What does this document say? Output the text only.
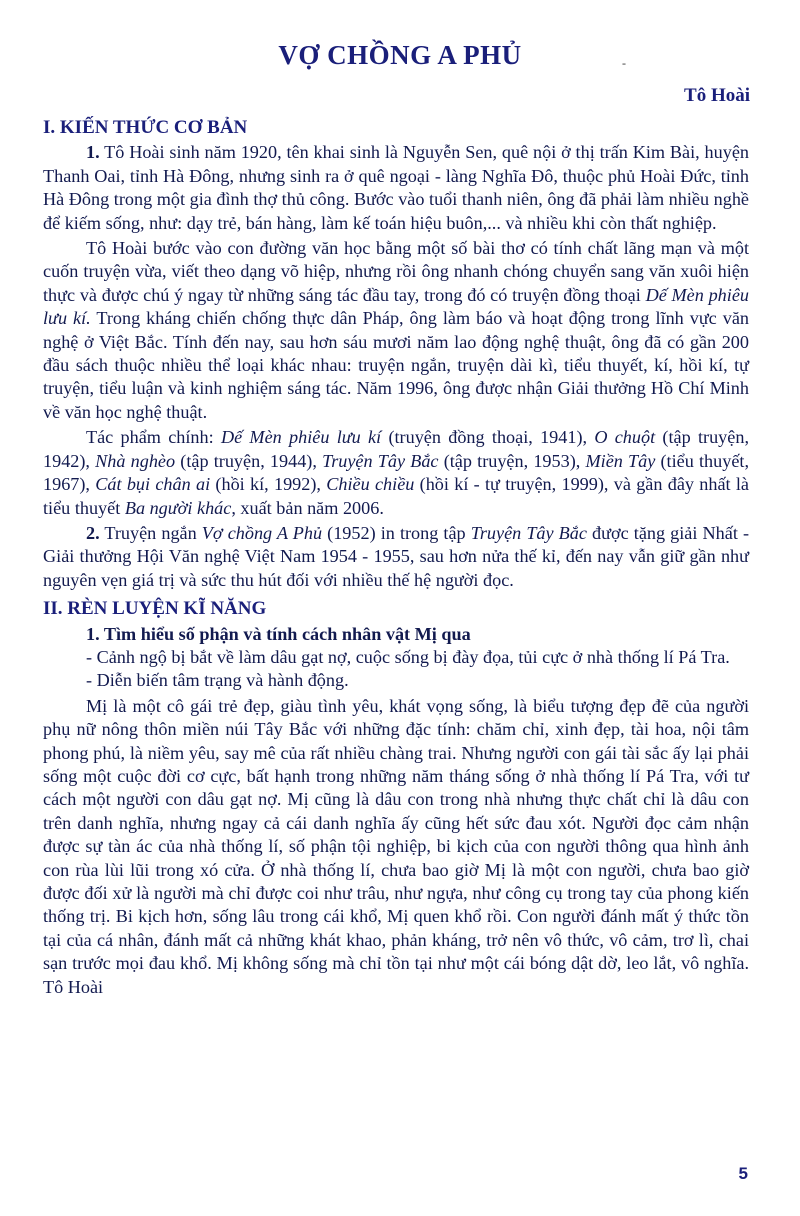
VỢ CHỒNG A PHỦ	-
Tô Hoài
I. KIẾN THỨC CƠ BẢN

1. Tô Hoài sinh năm 1920, tên khai sinh là Nguyễn Sen, quê nội ở thị trấn Kim Bài, huyện Thanh Oai, tỉnh Hà Đông, nhưng sinh ra ở quê ngoại - làng Nghĩa Đô, thuộc phủ Hoài Đức, tỉnh Hà Đông trong một gia đình thợ thủ công. Bước vào tuổi thanh niên, ông đã phải làm nhiều nghề để kiếm sống, như: dạy trẻ, bán hàng, làm kế toán hiệu buôn,... và nhiều khi còn thất nghiệp.

Tô Hoài bước vào con đường văn học bằng một số bài thơ có tính chất lãng mạn và một cuốn truyện vừa, viết theo dạng võ hiệp, nhưng rồi ông nhanh chóng chuyển sang văn xuôi hiện thực và được chú ý ngay từ những sáng tác đầu tay, trong đó có truyện đồng thoại Dế Mèn phiêu lưu kí. Trong kháng chiến chống thực dân Pháp, ông làm báo và hoạt động trong lĩnh vực văn nghệ ở Việt Bắc. Tính đến nay, sau hơn sáu mươi năm lao động nghệ thuật, ông đã có gần 200 đầu sách thuộc nhiều thể loại khác nhau: truyện ngắn, truyện dài kì, tiểu thuyết, kí, hồi kí, tự truyện, tiểu luận và kinh nghiệm sáng tác. Năm 1996, ông được nhận Giải thưởng Hồ Chí Minh về văn học nghệ thuật.

Tác phẩm chính: Dế Mèn phiêu lưu kí (truyện đồng thoại, 1941), O chuột (tập truyện, 1942), Nhà nghèo (tập truyện, 1944), Truyện Tây Bắc (tập truyện, 1953), Miền Tây (tiểu thuyết, 1967), Cát bụi chân ai (hồi kí, 1992), Chiều chiều (hồi kí - tự truyện, 1999), và gần đây nhất là tiểu thuyết Ba người khác, xuất bản năm 2006.

2. Truyện ngắn Vợ chồng A Phủ (1952) in trong tập Truyện Tây Bắc được tặng giải Nhất - Giải thưởng Hội Văn nghệ Việt Nam 1954 - 1955, sau hơn nửa thế kỉ, đến nay vẫn giữ gần như nguyên vẹn giá trị và sức thu hút đối với nhiều thế hệ người đọc.

II. RÈN LUYỆN KĨ NĂNG
1. Tìm hiểu số phận và tính cách nhân vật Mị qua

- Cảnh ngộ bị bắt về làm dâu gạt nợ, cuộc sống bị đày đọa, tủi cực ở nhà thống lí Pá Tra.

- Diễn biến tâm trạng và hành động.

Mị là một cô gái trẻ đẹp, giàu tình yêu, khát vọng sống, là biểu tượng đẹp đẽ của người phụ nữ nông thôn miền núi Tây Bắc với những đặc tính: chăm chỉ, xinh đẹp, tài hoa, nội tâm phong phú, là niềm yêu, say mê của rất nhiều chàng trai. Nhưng người con gái tài sắc ấy lại phải sống một cuộc đời cơ cực, bất hạnh trong những năm tháng sống ở nhà thống lí Pá Tra, với tư cách một người con dâu gạt nợ. Mị cũng là dâu con trong nhà nhưng thực chất chỉ là dâu con trên danh nghĩa, nhưng ngay cả cái danh nghĩa ấy cũng hết sức đau xót. Người đọc cảm nhận được sự tàn ác của nhà thống lí, số phận tội nghiệp, bi kịch của con người thông qua hình ảnh con rùa lùi lũi trong xó cửa. Ở nhà thống lí, chưa bao giờ Mị là một con người, chưa bao giờ được đối xử là người mà chỉ được coi như trâu, như ngựa, như công cụ trong tay của phong kiến thống trị. Bi kịch hơn, sống lâu trong cái khổ, Mị quen khổ rồi. Con người đánh mất ý thức tồn tại của cá nhân, đánh mất cả những khát khao, phản kháng, trở nên vô thức, vô cảm, trơ lì, chai sạn trước mọi đau khổ. Mị không sống mà chỉ tồn tại như một cái bóng dật dờ, leo lắt, vô nghĩa. Tô Hoài

5
